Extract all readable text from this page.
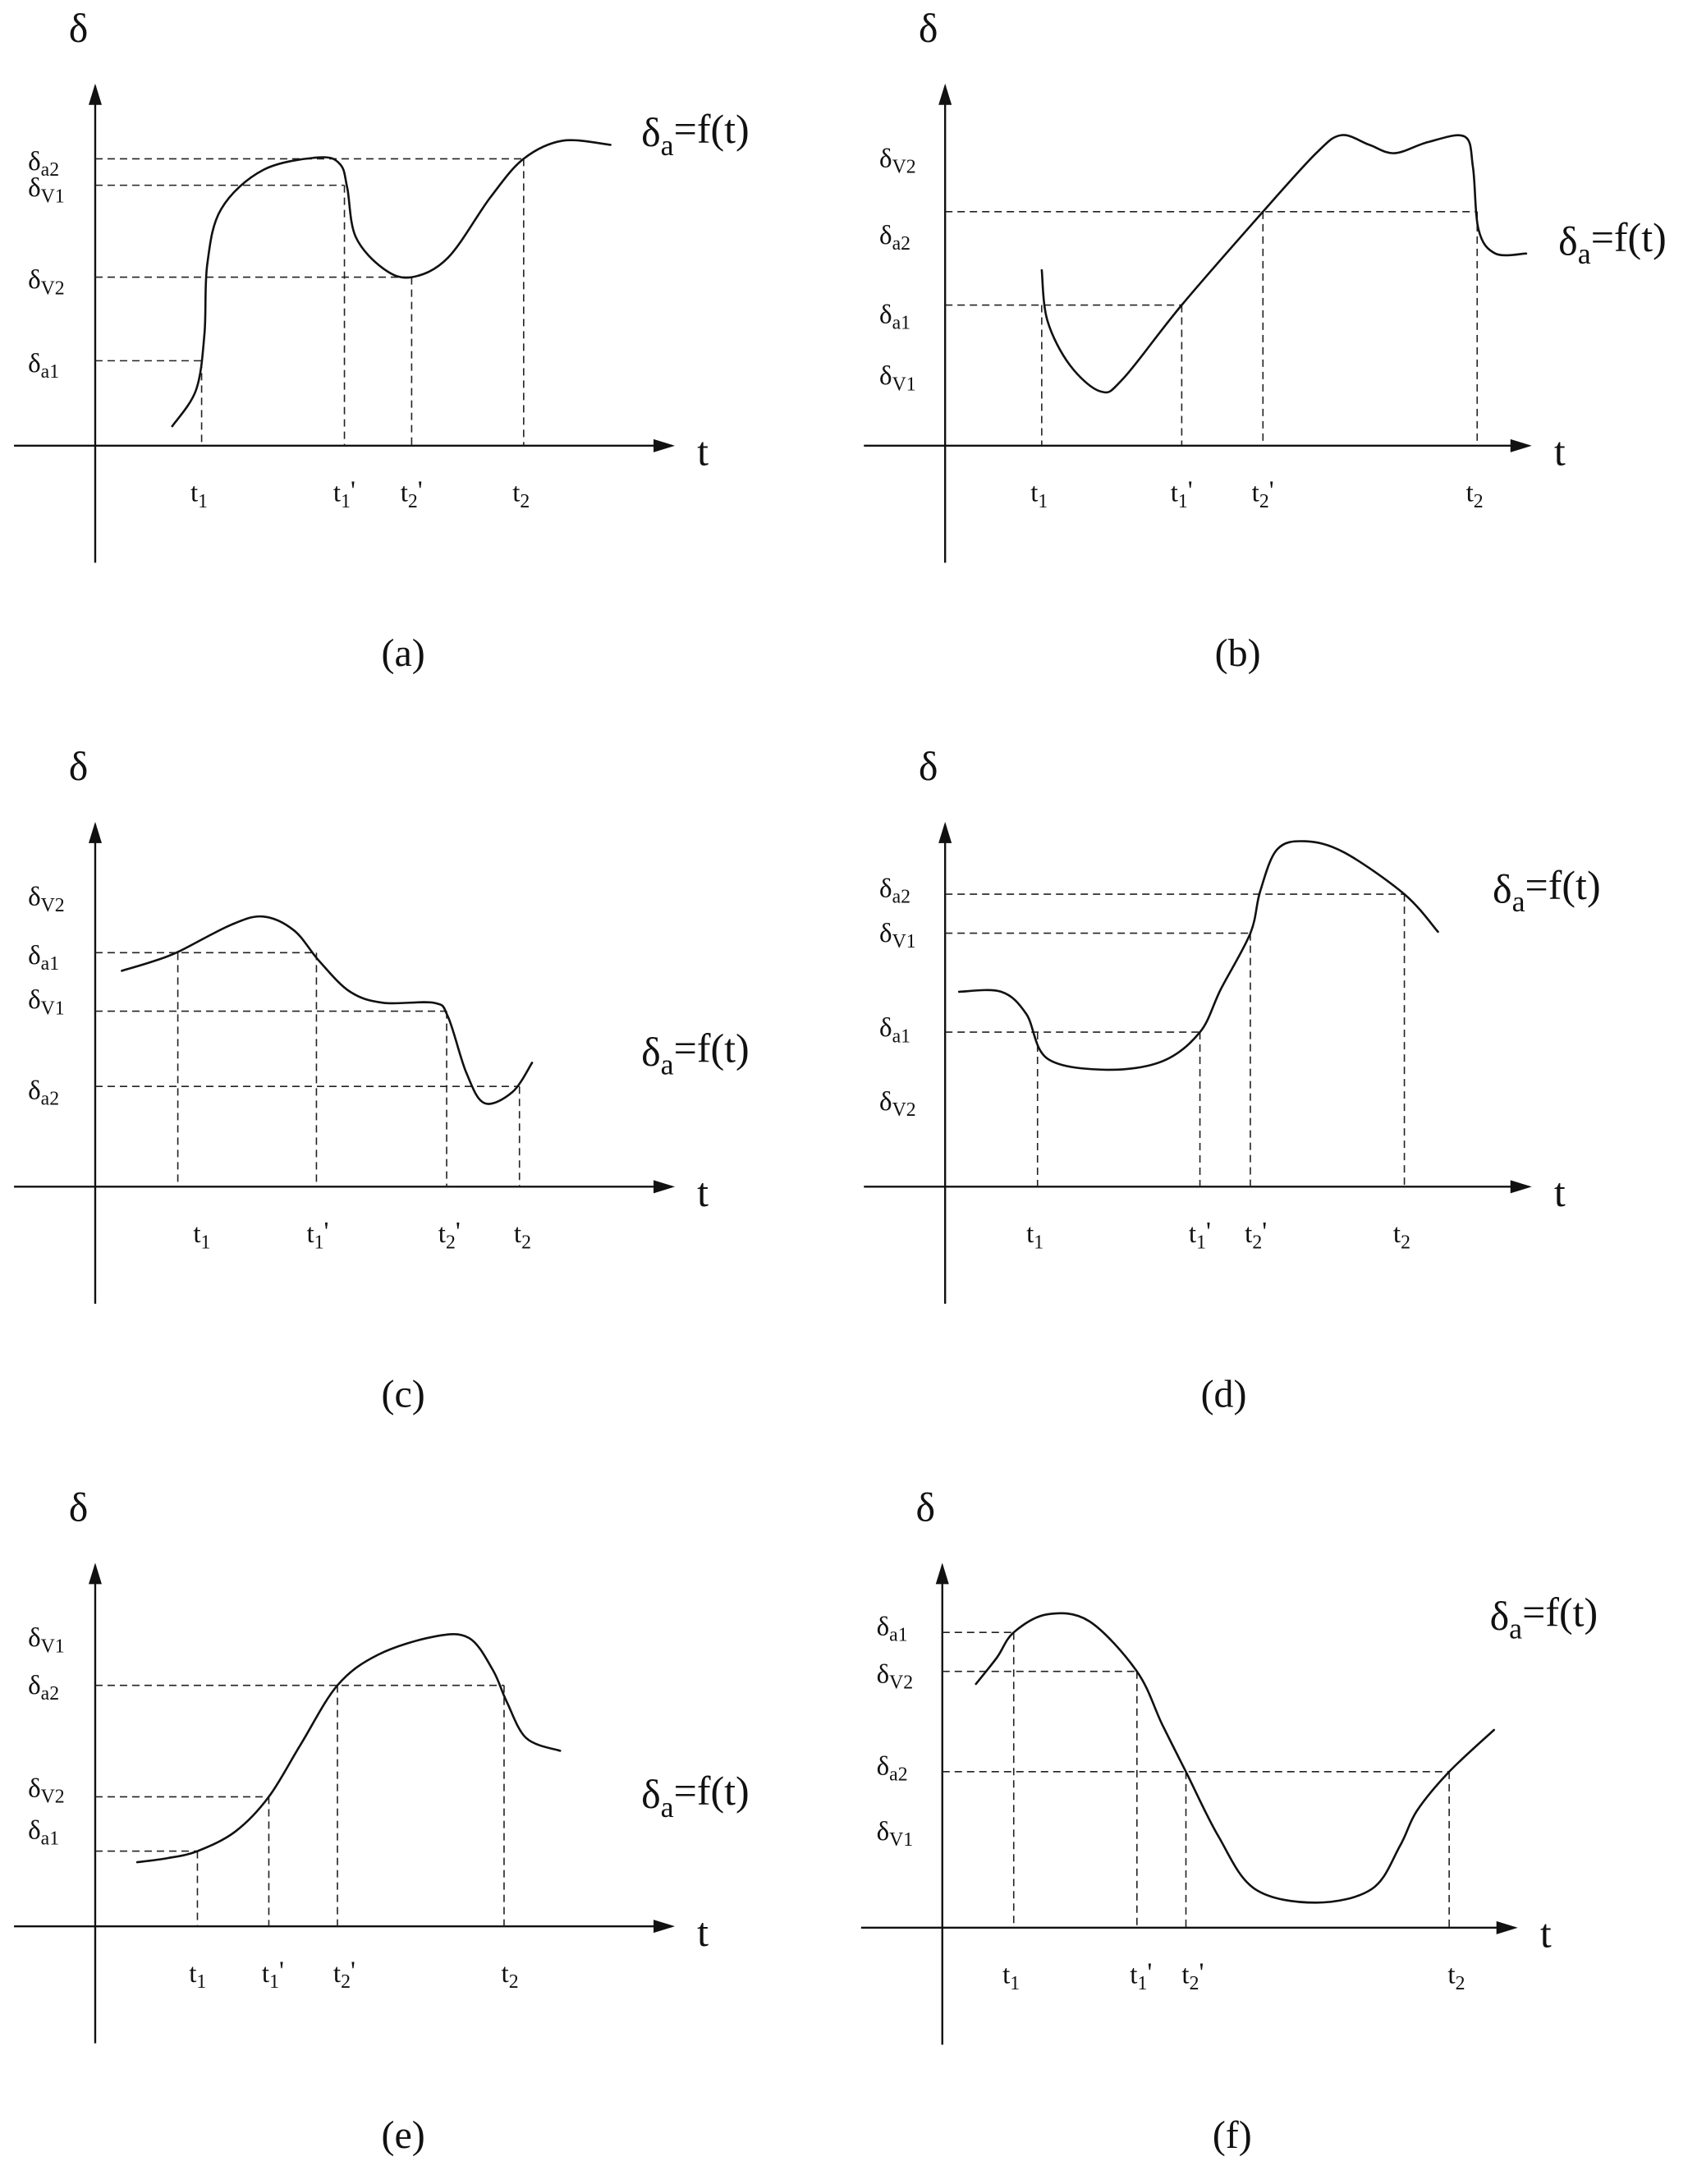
δ
t
$\delta_{a2}$
$\delta_{V1}$
$\delta_{V2}$
$\delta_{a1}$
$t_1$	$t_1'$ $t_2'$	$t_2$
$\delta_a=f(t)$
(a)
δ
t
$\delta_{V2}$
$\delta_{a2}$
$\delta_{a1}$
$\delta_{V1}$
$t_1$	$t_1'$ $t_2'$	$t_2$
$\delta_a=f(t)$
(b)
δ
t
$\delta_{V2}$
$\delta_{a1}$
$\delta_{V1}$
$\delta_{a2}$
$t_1$	$t_1'$	$t_2'$ $t_2$
$\delta_a=f(t)$
(c)
δ
t
$\delta_{a2}$
$\delta_{V1}$
$\delta_{a1}$
$\delta_{V2}$
$t_1$	$t_1'$ $t_2'$	$t_2$
$\delta_a=f(t)$
(d)
δ
t
$\delta_{V1}$
$\delta_{a2}$
$\delta_{V2}$
$\delta_{a1}$
$t_1$ $t_1'$ $t_2'$	$t_2$
$\delta_a=f(t)$
(e)
δ
t
$\delta_{a1}$
$\delta_{V2}$
$\delta_{a2}$
$\delta_{V1}$
$t_1$	$t_1'$ $t_2'$	$t_2$
$\delta_a=f(t)$
(f)
